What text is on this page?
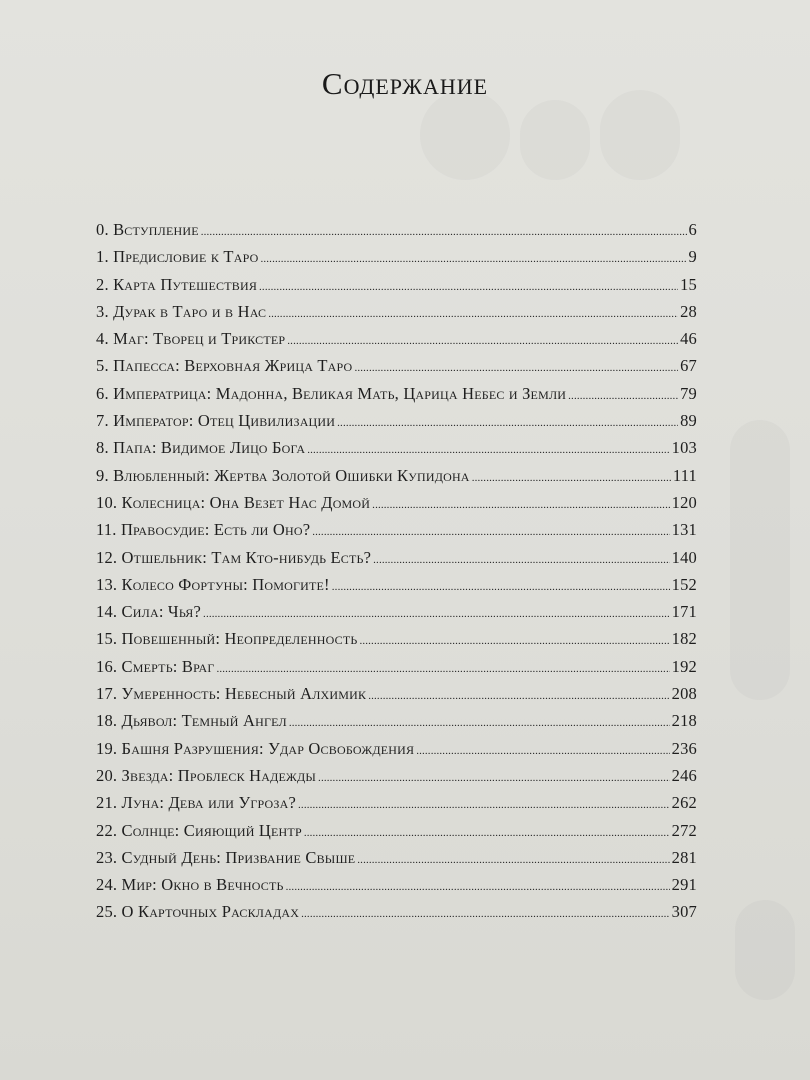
Содержание
0. Вступление . . .	6
1. Предисловие к Таро . . .	9
2. Карта Путешествия . . .	15
3. Дурак в Таро и в Нас . . .	28
4. Маг: Творец и Трикстер . . .	46
5. Папесса: Верховная Жрица Таро . . .	67
6. Императрица: Мадонна, Великая Мать, Царица Небес и Земли . . .	79
7. Император: Отец Цивилизации . . .	89
8. Папа: Видимое Лицо Бога . . .	103
9. Влюбленный: Жертва Золотой Ошибки Купидона . . .	111
10. Колесница: Она Везет Нас Домой . . .	120
11. Правосудие: Есть ли Оно? . . .	131
12. Отшельник: Там Кто-нибудь Есть? . . .	140
13. Колесо Фортуны: Помогите! . . .	152
14. Сила: Чья? . . .	171
15. Повешенный: Неопределенность . . .	182
16. Смерть: Враг . . .	192
17. Умеренность: Небесный Алхимик . . .	208
18. Дьявол: Темный Ангел . . .	218
19. Башня Разрушения: Удар Освобождения . . .	236
20. Звезда: Проблеск Надежды . . .	246
21. Луна: Дева или Угроза? . . .	262
22. Солнце: Сияющий Центр . . .	272
23. Судный День: Призвание Свыше . . .	281
24. Мир: Окно в Вечность . . .	291
25. О Карточных Раскладах . . .	307
